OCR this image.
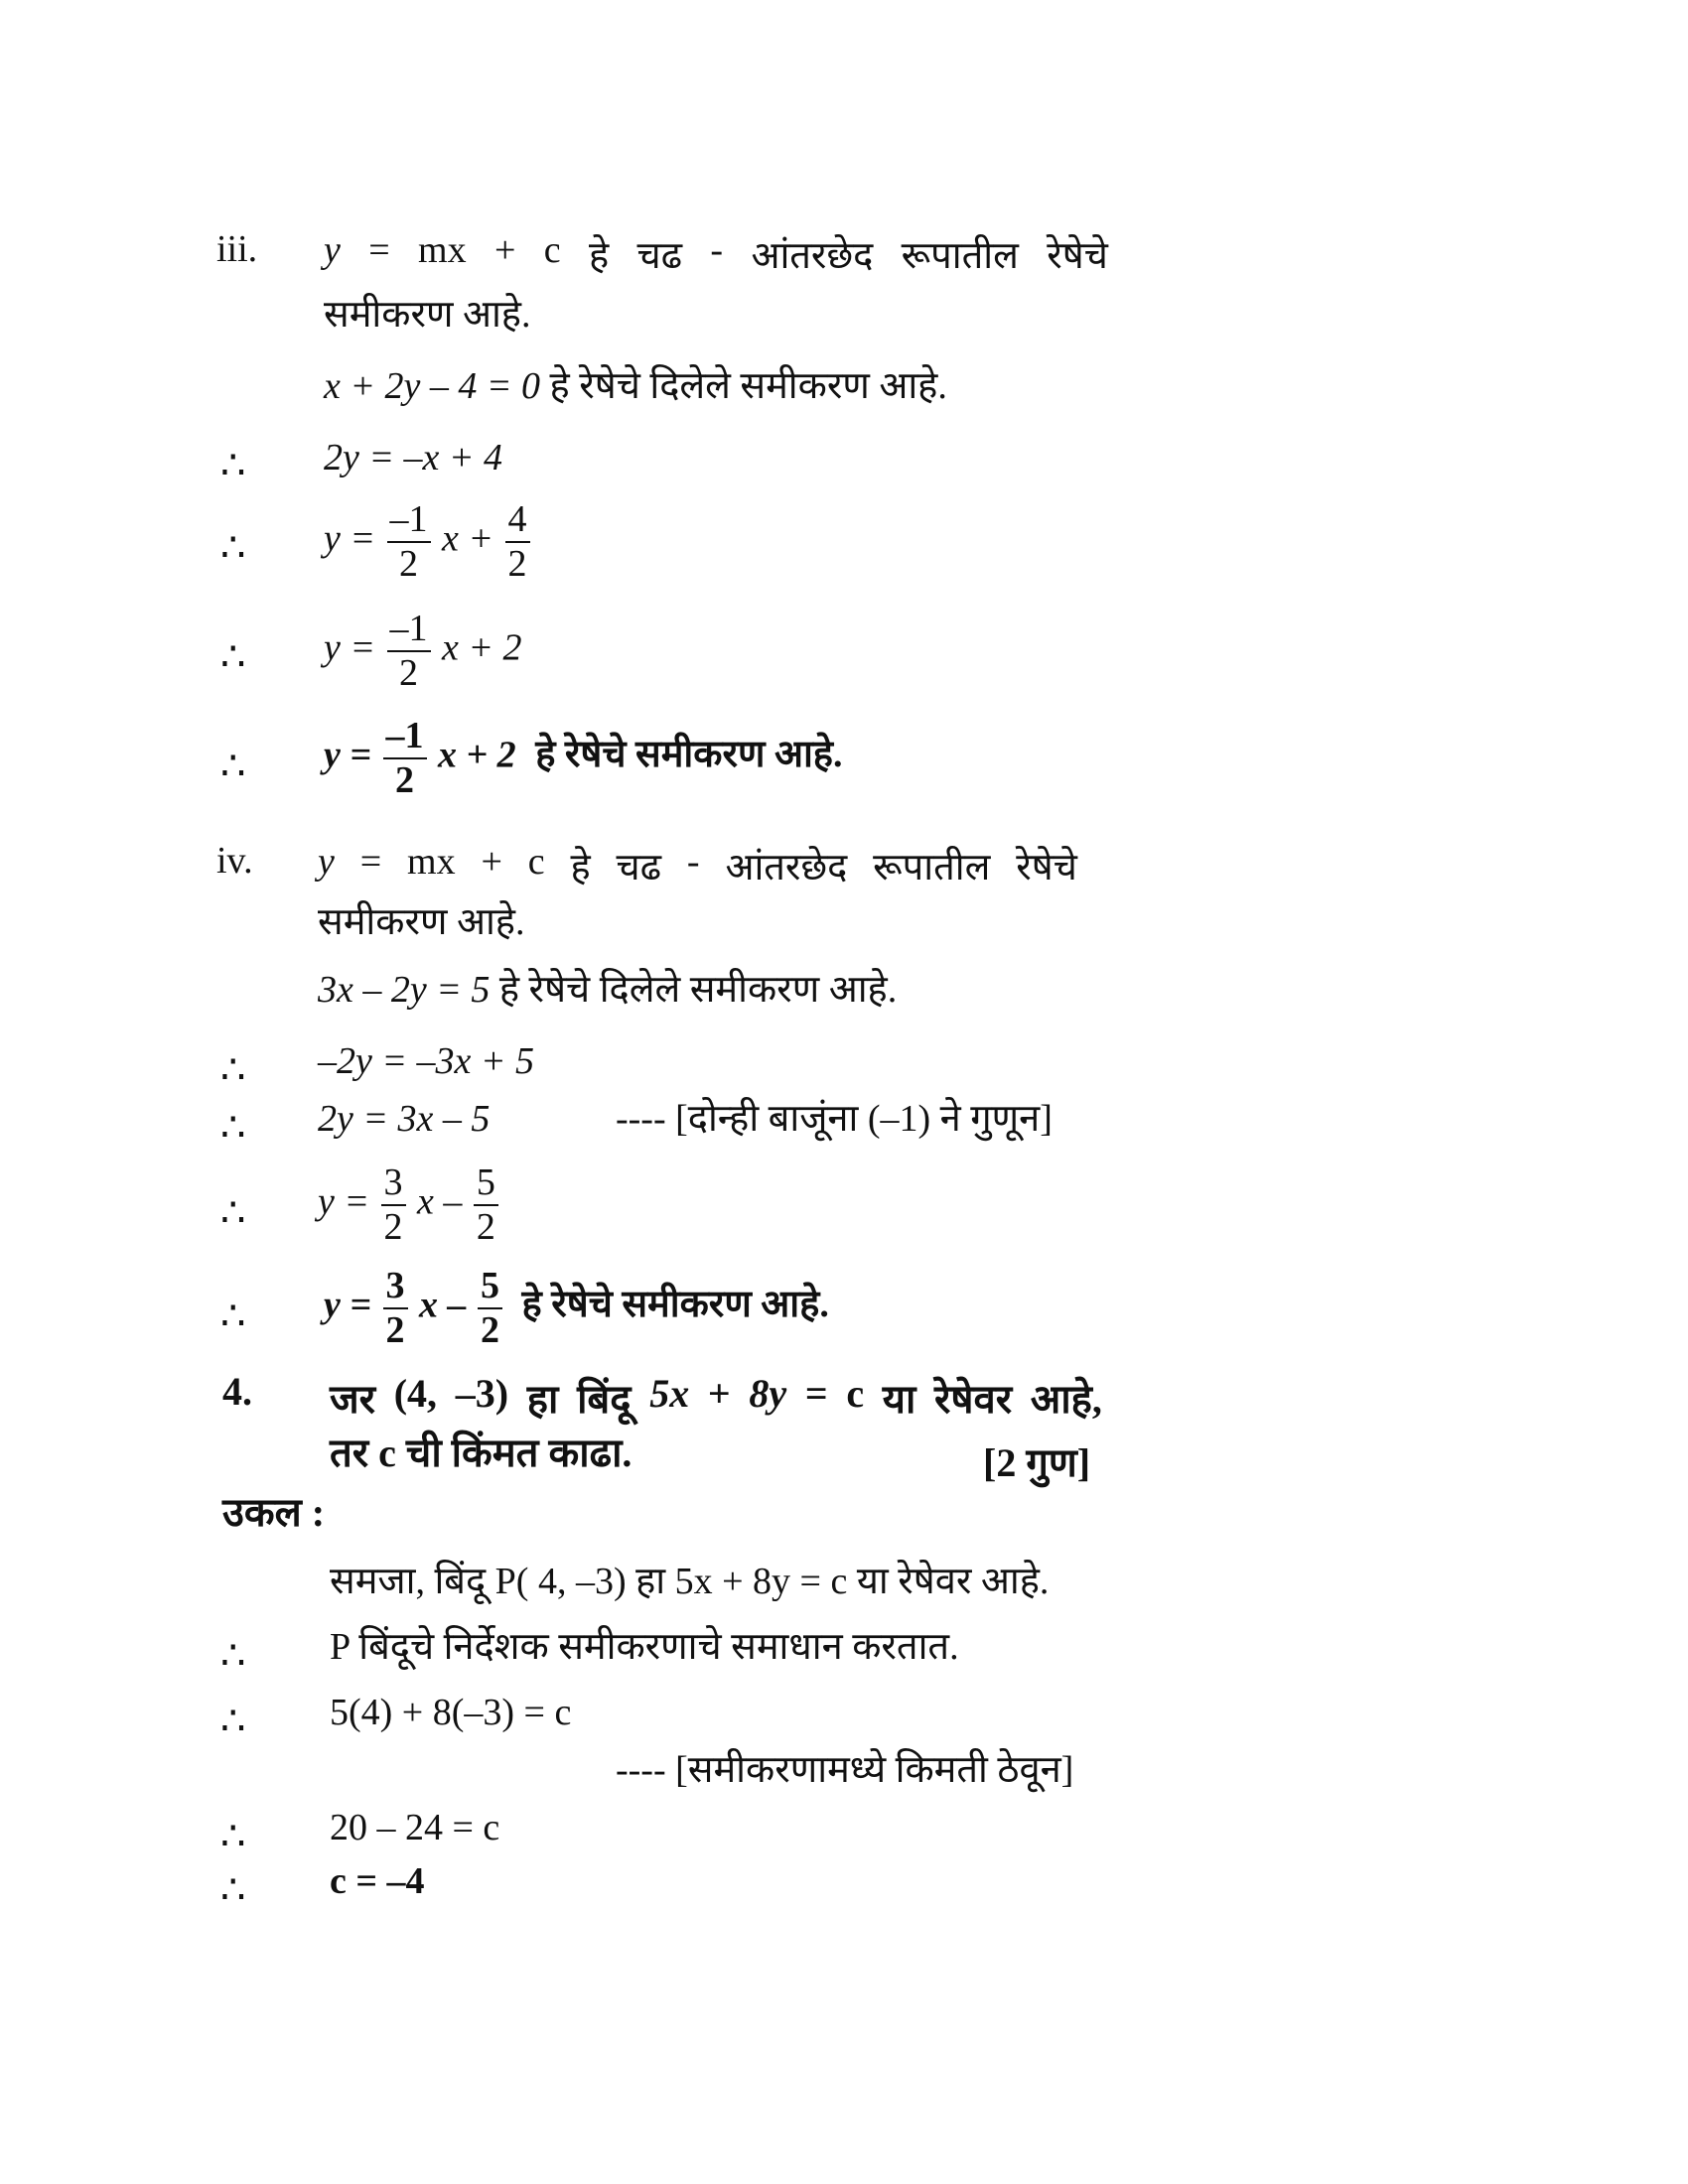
iii. y = mx + c हे चढ - आंतरछेद रूपातील रेषेचे
समीकरण आहे.
x + 2y – 4 = 0 हे रेषेचे दिलेले समीकरण आहे.
∴ 2y = –x + 4
∴ $y = \frac{-1}{2}$ $x + \frac{4}{2}$
∴ $y = \frac{-1}{2}$ x + 2
∴ $y = \frac{-1}{2}$ x + 2 हे रेषेचे समीकरण आहे.
iv. y = mx + c हे चढ - आंतरछेद रूपातील रेषेचे
समीकरण आहे.
3x – 2y = 5 हे रेषेचे दिलेले समीकरण आहे.
∴ –2y = –3x + 5
∴ 2y = 3x – 5	---- [दोन्ही बाजूंना (–1) ने गुणून]
∴ $y = \frac{3}{2}$ x – $\frac{5}{2}$
∴ $y = \frac{3}{2}$ x – $\frac{5}{2}$ हे रेषेचे समीकरण आहे.
4. जर (4, –3) हा बिंदू 5x + 8y = c या रेषेवर आहे,
तर c ची किंमत काढा.	[2 गुण]
उकल :
समजा, बिंदू P( 4, –3) हा 5x + 8y = c या रेषेवर आहे.
∴ P बिंदूचे निर्देशक समीकरणाचे समाधान करतात.
∴ 5(4) + 8(–3) = c
---- [समीकरणामध्ये किमती ठेवून]
∴ 20 – 24 = c
∴ c = –4
